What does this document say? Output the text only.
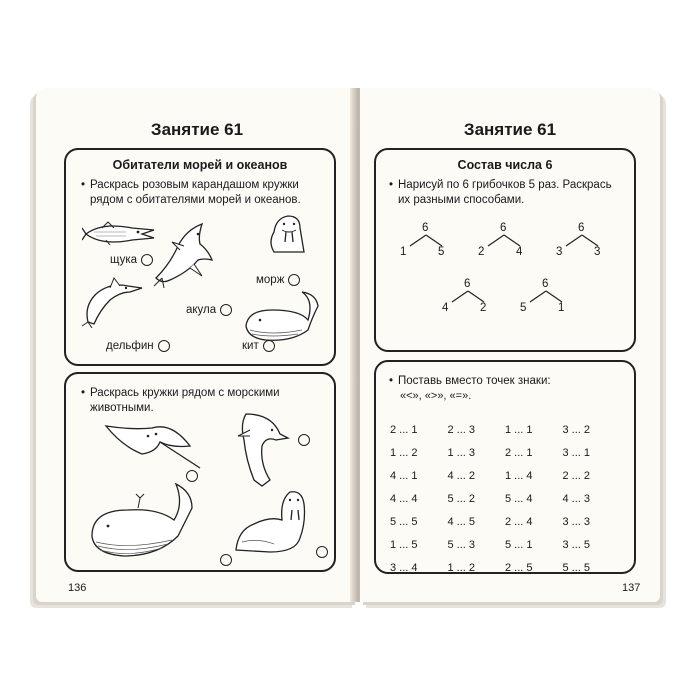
Занятие 61
Обитатели морей и океанов
• Раскрась розовым карандашом кружки рядом с обитателями морей и океанов.
щука
акула
морж
дельфин	кит
• Раскрась кружки рядом с морскими животными.
136
Занятие 61
Состав числа 6
• Нарисуй по 6 грибочков 5 раз. Раскрась их разными способами.
6
1	5
6
2	4
6
3	3
6
4	2
6
5	1
• Поставь вместо точек знаки:
«<», «>», «=».
2 ... 1	2 ... 3	1 ... 1	3 ... 2
1 ... 2	1 ... 3	2 ... 1	3 ... 1
4 ... 1	4 ... 2	1 ... 4	2 ... 2
4 ... 4	5 ... 2	5 ... 4	4 ... 3
5 ... 5	4 ... 5	2 ... 4	3 ... 3
1 ... 5	5 ... 3	5 ... 1	3 ... 5
3 ... 4	1 ... 2	2 ... 5	5 ... 5
137
